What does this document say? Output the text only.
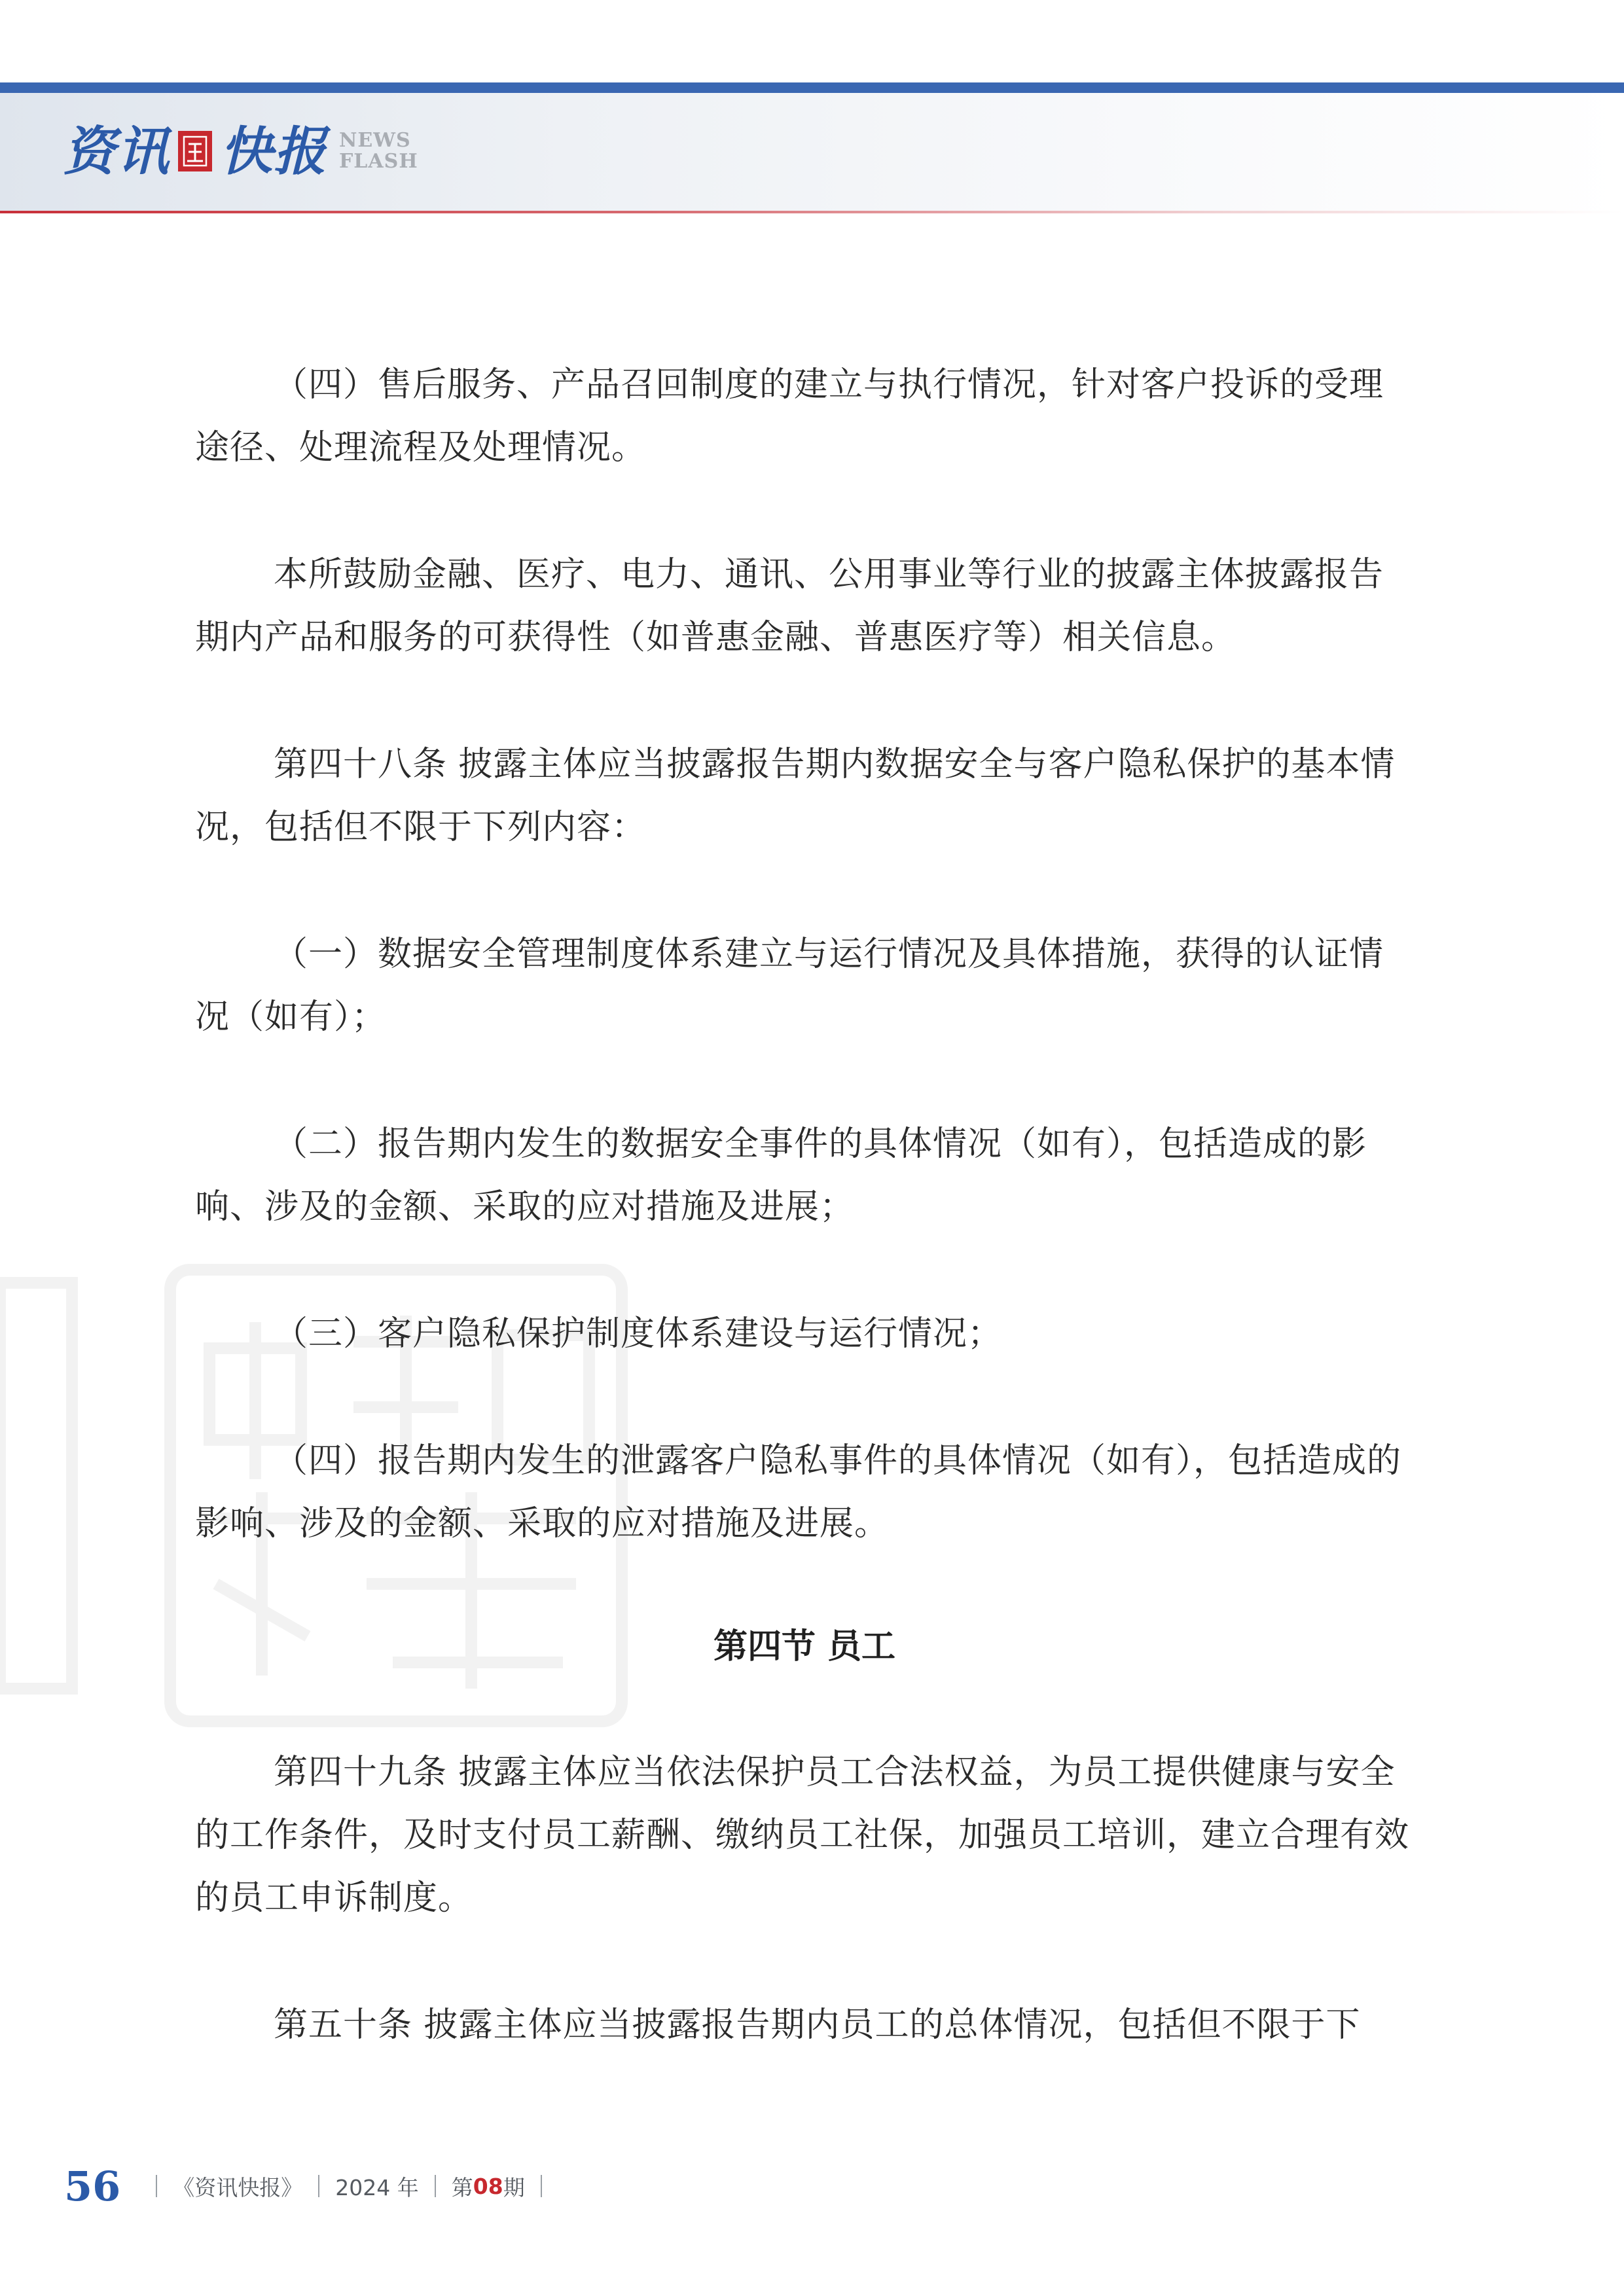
资讯 快报 NEWS
FLASH

（四）售后服务、产品召回制度的建立与执行情况，针对客户投诉的受理途径、处理流程及处理情况。

本所鼓励金融、医疗、电力、通讯、公用事业等行业的披露主体披露报告期内产品和服务的可获得性（如普惠金融、普惠医疗等）相关信息。

第四十八条 披露主体应当披露报告期内数据安全与客户隐私保护的基本情况，包括但不限于下列内容：

（一）数据安全管理制度体系建立与运行情况及具体措施，获得的认证情况（如有）；

（二）报告期内发生的数据安全事件的具体情况（如有），包括造成的影响、涉及的金额、采取的应对措施及进展；

（三）客户隐私保护制度体系建设与运行情况；

（四）报告期内发生的泄露客户隐私事件的具体情况（如有），包括造成的影响、涉及的金额、采取的应对措施及进展。

第四节 员工

第四十九条 披露主体应当依法保护员工合法权益，为员工提供健康与安全的工作条件，及时支付员工薪酬、缴纳员工社保，加强员工培训，建立合理有效的员工申诉制度。

第五十条 披露主体应当披露报告期内员工的总体情况，包括但不限于下

56 《资讯快报》 2024 年 第 08 期
